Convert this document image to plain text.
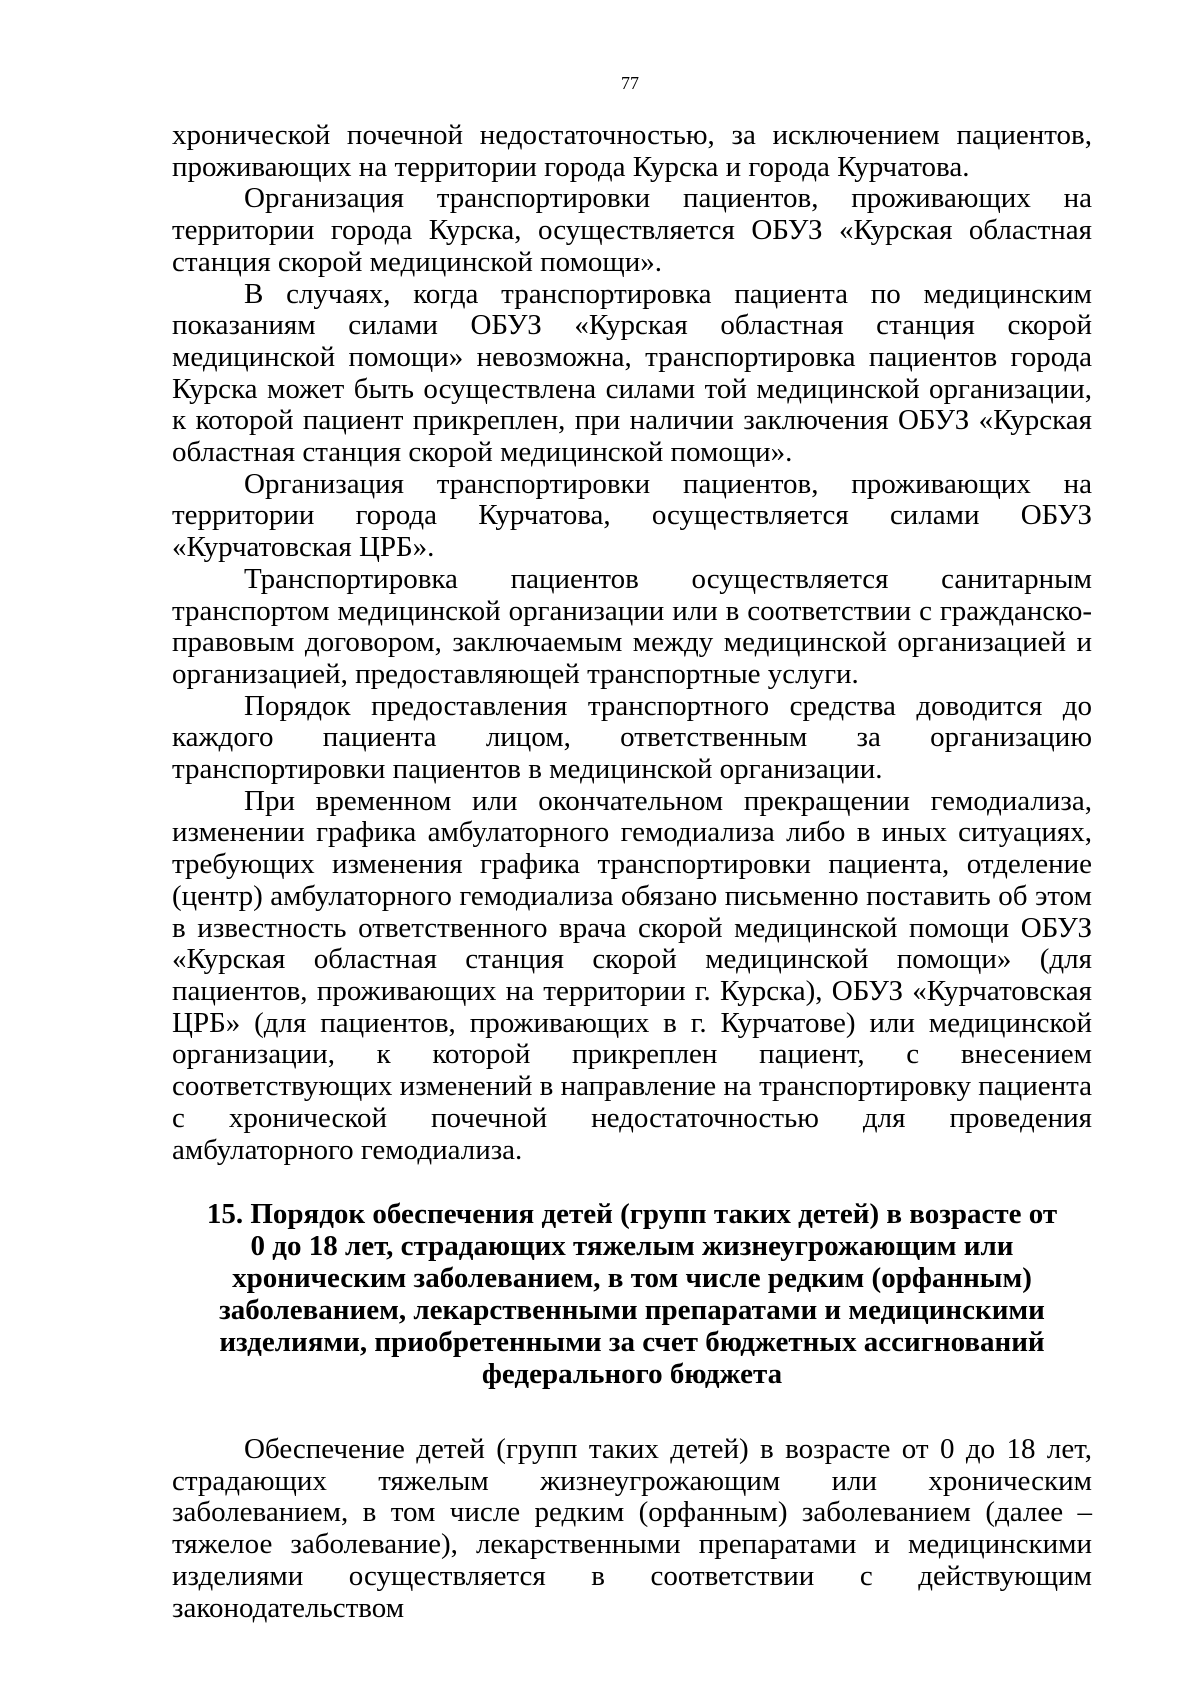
77

хронической почечной недостаточностью, за исключением пациентов, проживающих на территории города Курска и города Курчатова.

Организация транспортировки пациентов, проживающих на территории города Курска, осуществляется ОБУЗ «Курская областная станция скорой медицинской помощи».

В случаях, когда транспортировка пациента по медицинским показаниям силами ОБУЗ «Курская областная станция скорой медицинской помощи» невозможна, транспортировка пациентов города Курска может быть осуществлена силами той медицинской организации, к которой пациент прикреплен, при наличии заключения ОБУЗ «Курская областная станция скорой медицинской помощи».

Организация транспортировки пациентов, проживающих на территории города Курчатова, осуществляется силами ОБУЗ «Курчатовская ЦРБ».

Транспортировка пациентов осуществляется санитарным транспортом медицинской организации или в соответствии с гражданско-правовым договором, заключаемым между медицинской организацией и организацией, предоставляющей транспортные услуги.

Порядок предоставления транспортного средства доводится до каждого пациента лицом, ответственным за организацию транспортировки пациентов в медицинской организации.

При временном или окончательном прекращении гемодиализа, изменении графика амбулаторного гемодиализа либо в иных ситуациях, требующих изменения графика транспортировки пациента, отделение (центр) амбулаторного гемодиализа обязано письменно поставить об этом в известность ответственного врача скорой медицинской помощи ОБУЗ «Курская областная станция скорой медицинской помощи» (для пациентов, проживающих на территории г. Курска), ОБУЗ «Курчатовская ЦРБ» (для пациентов, проживающих в г. Курчатове) или медицинской организации, к которой прикреплен пациент, с внесением соответствующих изменений в направление на транспортировку пациента с хронической почечной недостаточностью для проведения амбулаторного гемодиализа.

15. Порядок обеспечения детей (групп таких детей) в возрасте от
0 до 18 лет, страдающих тяжелым жизнеугрожающим или
хроническим заболеванием, в том числе редким (орфанным)
заболеванием, лекарственными препаратами и медицинскими
изделиями, приобретенными за счет бюджетных ассигнований
федерального бюджета

Обеспечение детей (групп таких детей) в возрасте от 0 до 18 лет, страдающих тяжелым жизнеугрожающим или хроническим заболеванием, в том числе редким (орфанным) заболеванием (далее – тяжелое заболевание), лекарственными препаратами и медицинскими изделиями осуществляется в соответствии с действующим законодательством
